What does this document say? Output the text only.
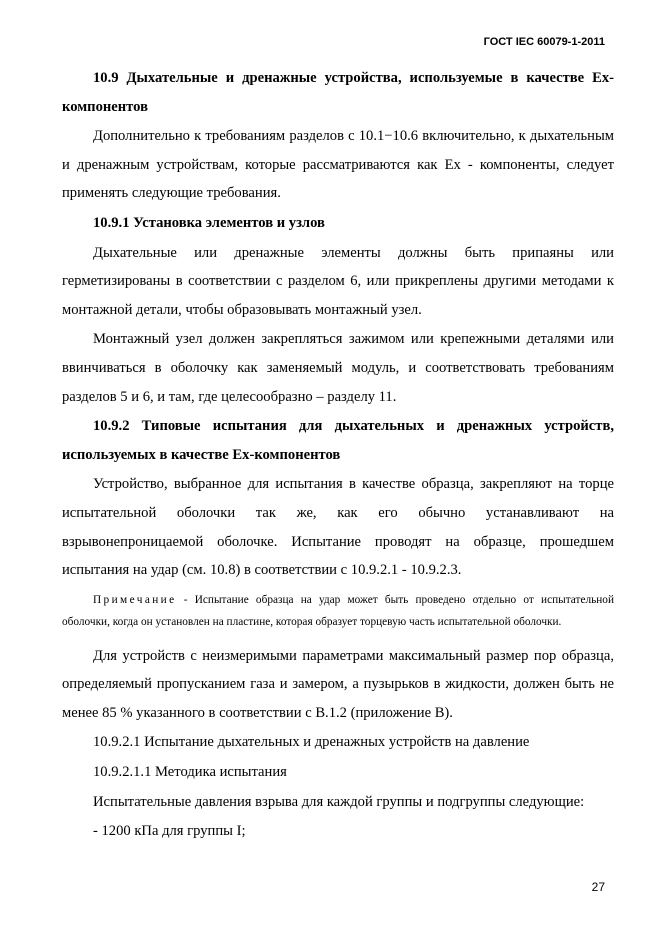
ГОСТ IEC 60079-1-2011

10.9 Дыхательные и дренажные устройства, используемые в качестве Ех-компонентов

Дополнительно к требованиям разделов с 10.1−10.6 включительно, к дыхательным и дренажным устройствам, которые рассматриваются как Ех - компоненты, следует применять следующие требования.

10.9.1 Установка элементов и узлов

Дыхательные или дренажные элементы должны быть припаяны или герметизированы в соответствии с разделом 6, или прикреплены другими методами к монтажной детали, чтобы образовывать монтажный узел.

Монтажный узел должен закрепляться зажимом или крепежными деталями или ввинчиваться в оболочку как заменяемый модуль, и соответствовать требованиям разделов 5 и 6, и там, где целесообразно – разделу 11.

10.9.2 Типовые испытания для дыхательных и дренажных устройств, используемых в качестве Ех-компонентов

Устройство, выбранное для испытания в качестве образца, закрепляют на торце испытательной оболочки так же, как его обычно устанавливают на взрывонепроницаемой оболочке. Испытание проводят на образце, прошедшем испытания на удар (см. 10.8) в соответствии с 10.9.2.1 - 10.9.2.3.

Примечание - Испытание образца на удар может быть проведено отдельно от испытательной оболочки, когда он установлен на пластине, которая образует торцевую часть испытательной оболочки.

Для устройств с неизмеримыми параметрами максимальный размер пор образца, определяемый пропусканием газа и замером, а пузырьков в жидкости, должен быть не менее 85 % указанного в соответствии с В.1.2 (приложение В).

10.9.2.1 Испытание дыхательных и дренажных устройств на давление

10.9.2.1.1 Методика испытания

Испытательные давления взрыва для каждой группы и подгруппы следующие:

- 1200 кПа для группы I;

27
